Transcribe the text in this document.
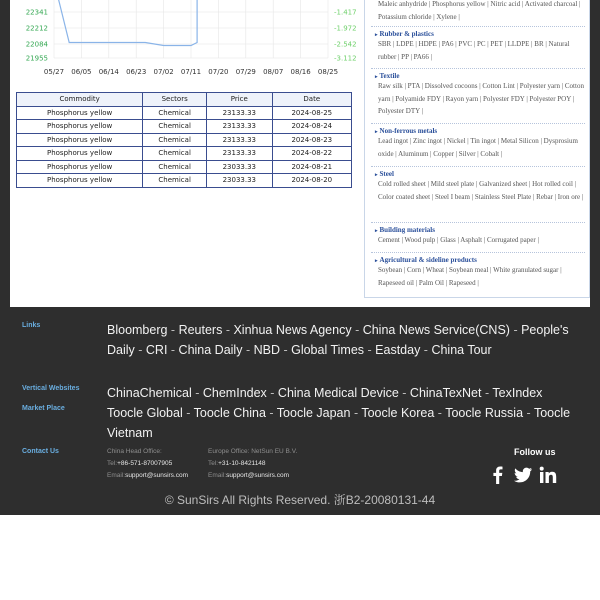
22341
22212
22084
21955
-1.417
-1.972
-2.542
-3.112
05/27 06/05 06/14 06/23 07/02 07/11 07/20 07/29 08/07 08/16 08/25
Commodity	Sectors	Price	Date
Phosphorus yellow	Chemical	23133.33	2024-08-25
Phosphorus yellow	Chemical	23133.33	2024-08-24
Phosphorus yellow	Chemical	23133.33	2024-08-23
Phosphorus yellow	Chemical	23133.33	2024-08-22
Phosphorus yellow	Chemical	23033.33	2024-08-21
Phosphorus yellow	Chemical	23033.33	2024-08-20
Maleic anhydride | Phosphorus yellow | Nitric acid | Activated charcoal | Potassium chloride | Xylene |
▸ Rubber & plastics
SBR | LDPE | HDPE | PA6 | PVC | PC | PET | LLDPE | BR | Natural rubber | PP | PA66 |
▸ Textile
Raw silk | PTA | Dissolved cocoons | Cotton Lint | Polyester yarn | Cotton yarn | Polyamide FDY | Rayon yarn | Polyester FDY | Polyester POY | Polyester DTY |
▸ Non-ferrous metals
Lead ingot | Zinc ingot | Nickel | Tin ingot | Metal Silicon | Dysprosium oxide | Aluminum | Copper | Silver | Cobalt |
▸ Steel
Cold rolled sheet | Mild steel plate | Galvanized sheet | Hot rolled coil | Color coated sheet | Steel I beam | Stainless Steel Plate | Rebar | Iron ore |
▸ Building materials
Cement | Wood pulp | Glass | Asphalt | Corrugated paper |
▸ Agricultural & sideline products
Soybean | Corn | Wheat | Soybean meal | White granulated sugar | Rapeseed oil | Palm Oil | Rapeseed |
Links	Bloomberg - Reuters - Xinhua News Agency - China News Service(CNS) - People's Daily - CRI - China Daily - NBD - Global Times - Eastday - China Tour
Vertical Websites ChinaChemical - ChemIndex - China Medical Device - ChinaTexNet - TexIndex
Market Place	Toocle Global - Toocle China - Toocle Japan - Toocle Korea - Toocle Russia - Toocle Vietnam
Contact Us	China Head Office:
Tel:+86-571-87007905
Email:support@sunsirs.com
Europe Office: NetSun EU B.V.
Tel:+31-10-8421148
Email:support@sunsirs.com
Follow us
© SunSirs All Rights Reserved. 浙B2-20080131-44
